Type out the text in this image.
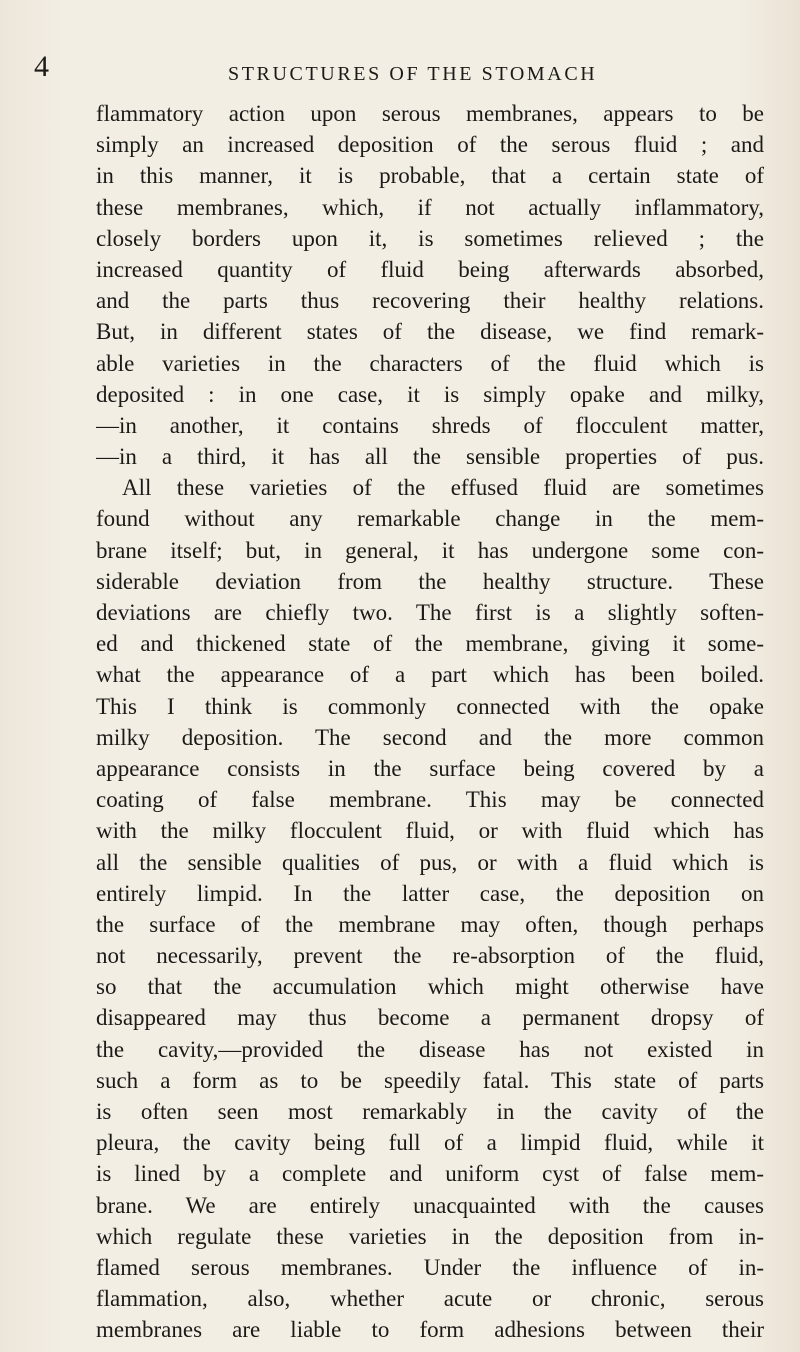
4	STRUCTURES OF THE STOMACH
flammatory action upon serous membranes, appears to be
simply an increased deposition of the serous fluid ; and
in this manner, it is probable, that a certain state of
these membranes, which, if not actually inflammatory,
closely borders upon it, is sometimes relieved ; the
increased quantity of fluid being afterwards absorbed,
and the parts thus recovering their healthy relations.
But, in different states of the disease, we find remark-
able varieties in the characters of the fluid which is
deposited : in one case, it is simply opake and milky,
—in another, it contains shreds of flocculent matter,
—in a third, it has all the sensible properties of pus.
All these varieties of the effused fluid are sometimes
found without any remarkable change in the mem-
brane itself; but, in general, it has undergone some con-
siderable deviation from the healthy structure. These
deviations are chiefly two. The first is a slightly soften-
ed and thickened state of the membrane, giving it some-
what the appearance of a part which has been boiled.
This I think is commonly connected with the opake
milky deposition. The second and the more common
appearance consists in the surface being covered by a
coating of false membrane. This may be connected
with the milky flocculent fluid, or with fluid which has
all the sensible qualities of pus, or with a fluid which is
entirely limpid. In the latter case, the deposition on
the surface of the membrane may often, though perhaps
not necessarily, prevent the re-absorption of the fluid,
so that the accumulation which might otherwise have
disappeared may thus become a permanent dropsy of
the cavity,—provided the disease has not existed in
such a form as to be speedily fatal. This state of parts
is often seen most remarkably in the cavity of the
pleura, the cavity being full of a limpid fluid, while it
is lined by a complete and uniform cyst of false mem-
brane. We are entirely unacquainted with the causes
which regulate these varieties in the deposition from in-
flamed serous membranes. Under the influence of in-
flammation, also, whether acute or chronic, serous
membranes are liable to form adhesions between their
